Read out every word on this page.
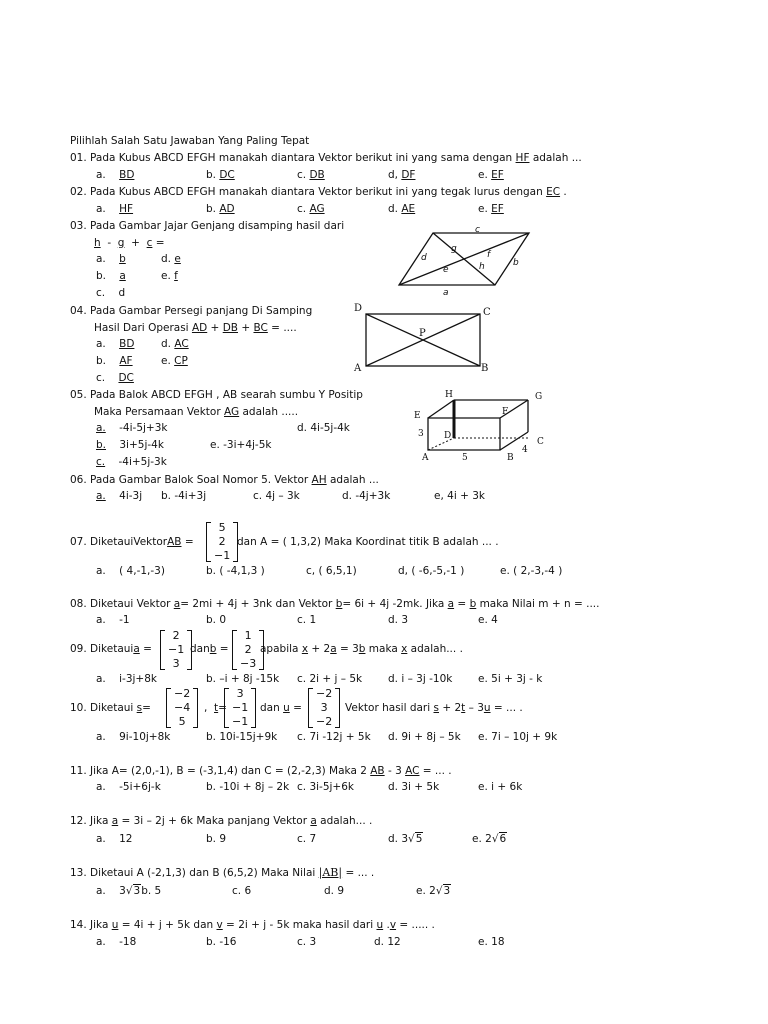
Pilihlah Salah Satu Jawaban Yang Paling Tepat
01. Pada Kubus ABCD EFGH manakah diantara Vektor berikut ini yang sama dengan HF adalah ...
a.    BD	b. DC	c. DB	d, DF	e. EF
02. Pada Kubus ABCD EFGH manakah diantara Vektor berikut ini yang tegak lurus dengan EC .
a.    HF	b. AD	c. AG	d. AE	e. EF
03. Pada Gambar Jajar Genjang disamping hasil dari
h  -  g  +  c =
a.    b	d. e
b.    a	e. f
c.    d
c
g
d	f
h
e
b
a
04. Pada Gambar Persegi panjang Di Samping
Hasil Dari Operasi AD + DB + BC = ....
a.    BD	d. AC
b.    AF	e. CP
c.    DC
D	C
P
A	B
05. Pada Balok ABCD EFGH , AB searah sumbu Y Positip
Maka Persamaan Vektor AG adalah .....
a. -4i-5j+3k	d. 4i-5j-4k
b. 3i+5j-4k	e. -3i+4j-5k
c. -4i+5j-3k
H	G
E	F
D
C
A	B
3
5
4
06. Pada Gambar Balok Soal Nomor 5. Vektor AH adalah ...
a. 4i-3j b. -4i+3j	c. 4j – 3k	d. -4j+3k	e, 4i + 3k
07. DiketauiVektorAB =
5
2
−1
dan A = ( 1,3,2) Maka Koordinat titik B adalah ... .
a.    ( 4,-1,-3)	b. ( -4,1,3 )	c, ( 6,5,1)	d, ( -6,-5,-1 )	e. ( 2,-3,-4 )
08. Diketaui Vektor a= 2mi + 4j + 3nk dan Vektor b= 6i + 4j -2mk. Jika a = b maka Nilai m + n = ....
a.    -1	b. 0	c. 1	d. 3	e. 4
09. Diketauia =
2
−1
3
danb =
1
2
−3
apabila x + 2a = 3b maka x adalah... .
a.    i-3j+8k	b. –i + 8j -15k c. 2i + j – 5k d. i – 3j -10k e. 5i + 3j - k
10. Diketaui s=
−2
−4
5
,  t=
3
−1
−1
dan u =
−2
3
−2
Vektor hasil dari s + 2t – 3u = ... .
a.    9i-10j+8k	b. 10i-15j+9k c. 7i -12j + 5k d. 9i + 8j – 5k e. 7i – 10j + 9k
11. Jika A= (2,0,-1), B = (-3,1,4) dan C = (2,-2,3) Maka 2 AB - 3 AC = ... .
a.    -5i+6j-k	b. -10i + 8j – 2k c. 3i-5j+6k	d. 3i + 5k	e. i + 6k
12. Jika a = 3i – 2j + 6k Maka panjang Vektor a adalah... .
a.    12	b. 9	c. 7	d. 3√5	e. 2√6
13. Diketaui A (-2,1,3) dan B (6,5,2) Maka Nilai |AB| = ... .
a.    3√3b. 5	c. 6	d. 9	e. 2√3
14. Jika u = 4i + j + 5k dan v = 2i + j - 5k maka hasil dari u .v = ..... .
a.    -18	b. -16	c. 3	d. 12	e. 18
